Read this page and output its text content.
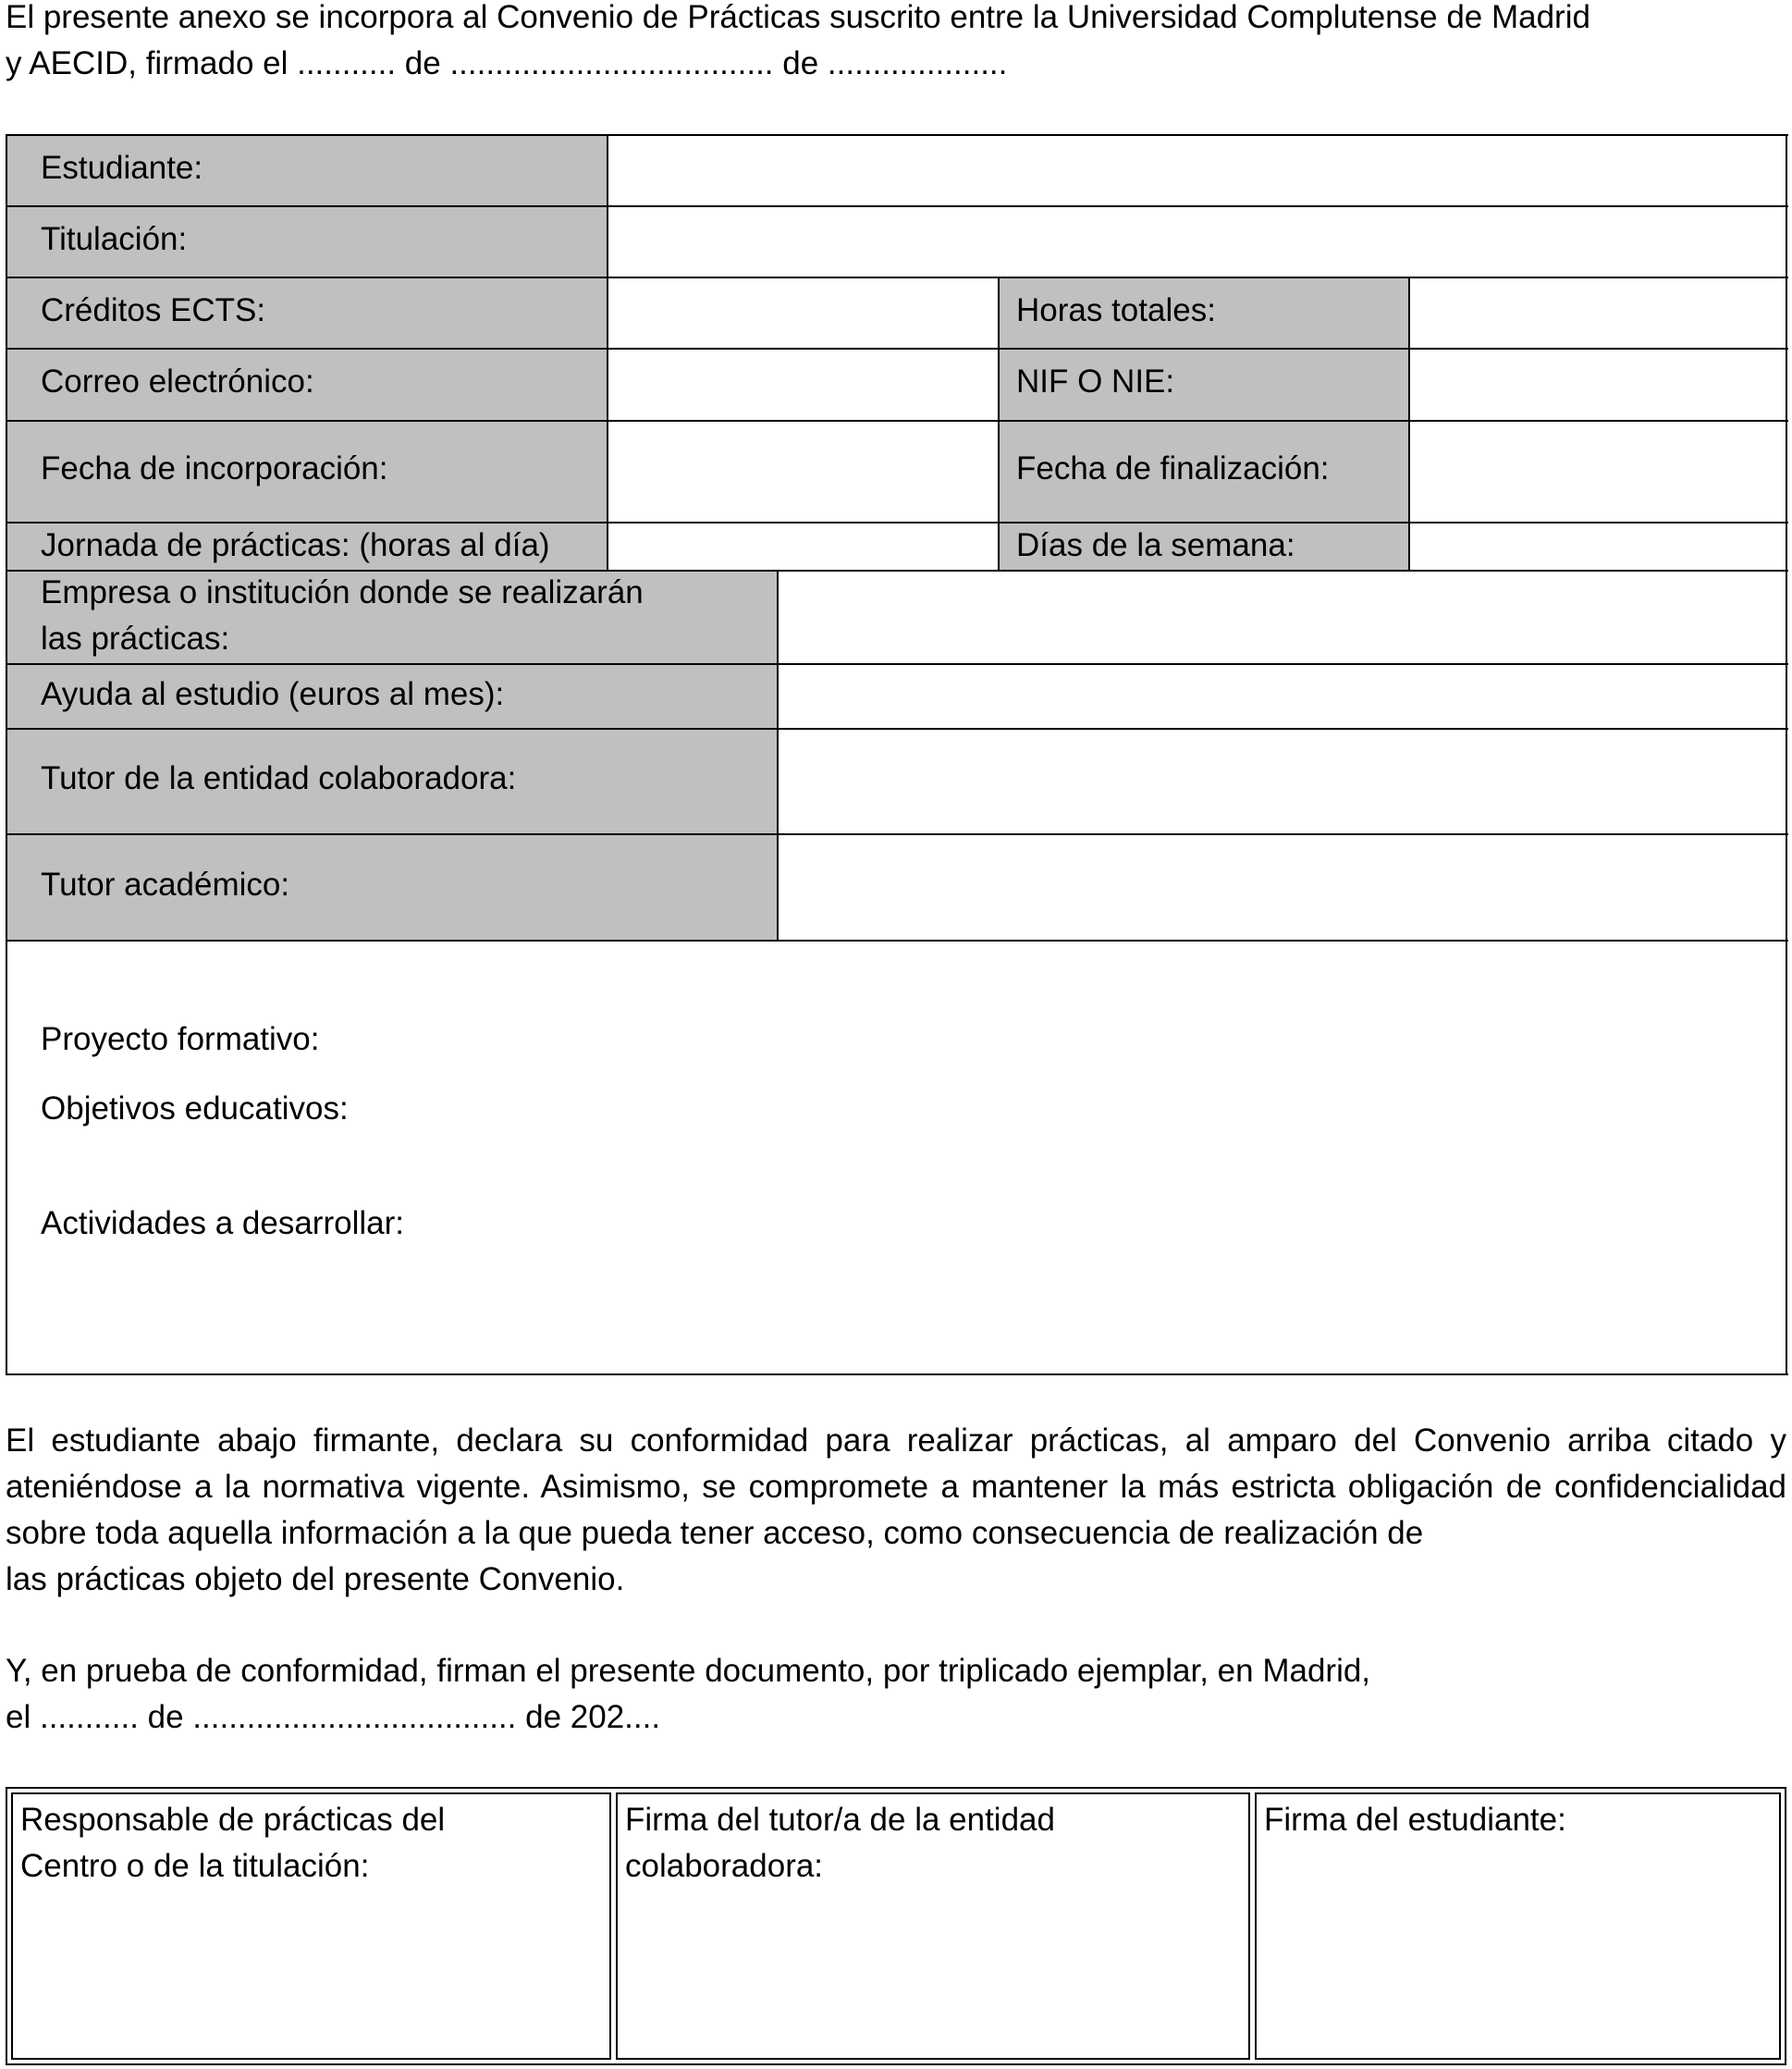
El presente anexo se incorpora al Convenio de Prácticas suscrito entre la Universidad Complutense de Madrid
y AECID, firmado el ........... de .................................... de ....................
Estudiante:
Titulación:
Créditos ECTS:	Horas totales:
Correo electrónico:	NIF O NIE:
Fecha de incorporación:	Fecha de finalización:
Jornada de prácticas: (horas al día)	Días de la semana:
Empresa o institución donde se realizarán
las prácticas:
Ayuda al estudio (euros al mes):
Tutor de la entidad colaboradora:
Tutor académico:
Proyecto formativo:
Objetivos educativos:
Actividades a desarrollar:
El estudiante abajo firmante, declara su conformidad para realizar prácticas, al amparo del Convenio arriba citado y ateniéndose a la normativa vigente. Asimismo, se compromete a mantener la más estricta obligación de confidencialidad sobre toda aquella información a la que pueda tener acceso, como consecuencia de realización de
las prácticas objeto del presente Convenio.
Y, en prueba de conformidad, firman el presente documento, por triplicado ejemplar, en Madrid,
el ........... de .................................... de 202....
Responsable de prácticas del
Centro o de la titulación:
Firma del tutor/a de la entidad
colaboradora:
Firma del estudiante:
